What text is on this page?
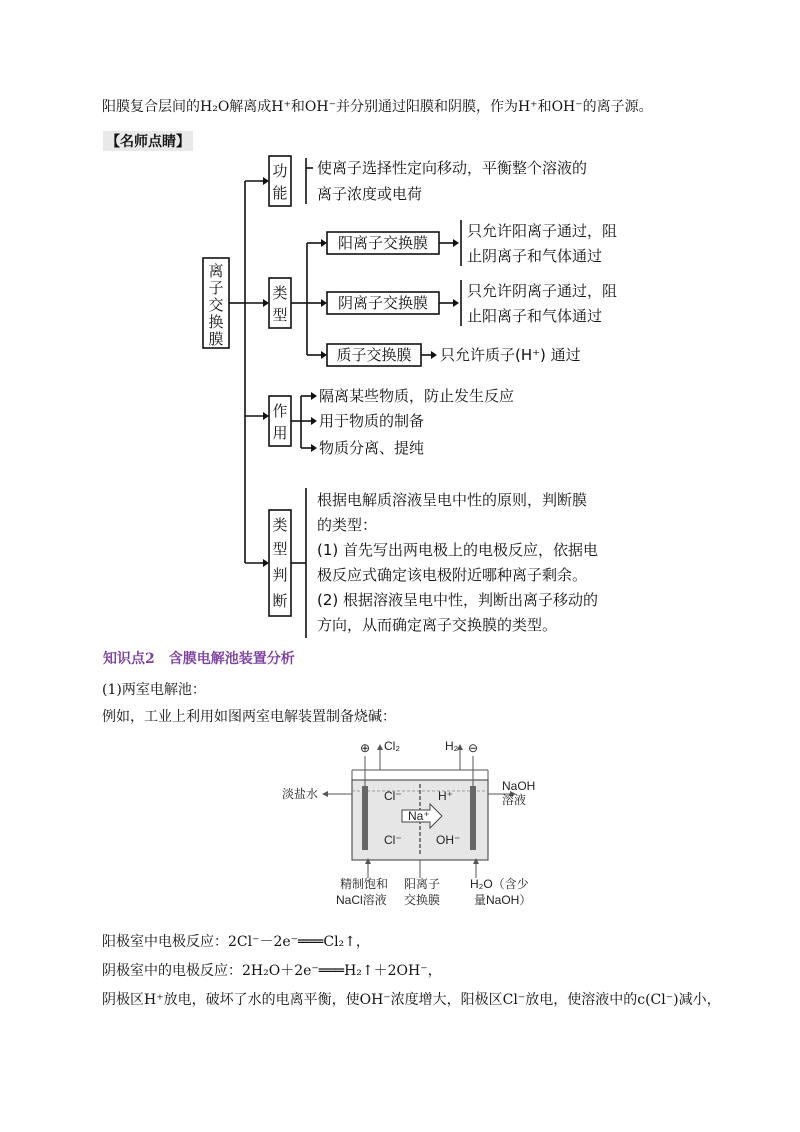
阳膜复合层间的H₂O解离成H⁺和OH⁻并分别通过阳膜和阴膜，作为H⁺和OH⁻的离子源。
【名师点睛】
离
子
交
换
膜
功
能
使离子选择性定向移动，平衡整个溶液的
离子浓度或电荷
类
型
阳离子交换膜
只允许阳离子通过，阻
止阴离子和气体通过
阴离子交换膜
只允许阴离子通过，阻
止阳离子和气体通过
质子交换膜 只允许质子(H⁺) 通过
作
用
隔离某些物质，防止发生反应
用于物质的制备
物质分离、提纯
类
型
判
断
根据电解质溶液呈电中性的原则，判断膜
的类型：
(1) 首先写出两电极上的电极反应，依据电
极反应式确定该电极附近哪种离子剩余。
(2) 根据溶液呈电中性，判断出离子移动的
方向，从而确定离子交换膜的类型。
知识点2　含膜电解池装置分析
(1)两室电解池：
例如，工业上利用如图两室电解装置制备烧碱：
⊕	⊖
Cl₂	H₂
淡盐水
NaOH
溶液
Cl⁻	H⁺
Na⁺
Cl⁻	OH⁻
精制饱和
NaCl溶液
阳离子
交换膜
H₂O（含少
量NaOH）
阳极室中电极反应：2Cl⁻－2e⁻═══Cl₂↑，
阴极室中的电极反应：2H₂O＋2e⁻═══H₂↑＋2OH⁻，
阴极区H⁺放电，破坏了水的电离平衡，使OH⁻浓度增大，阳极区Cl⁻放电，使溶液中的c(Cl⁻)减小，
